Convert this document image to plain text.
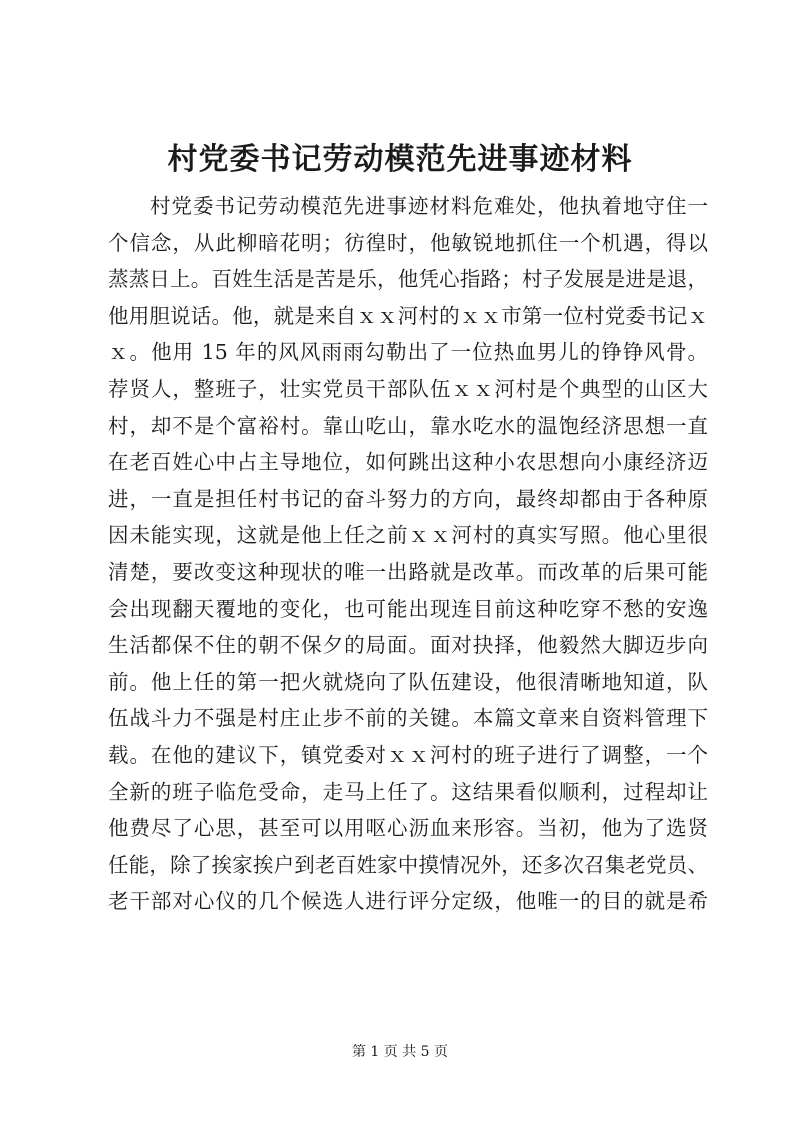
村党委书记劳动模范先进事迹材料
村党委书记劳动模范先进事迹材料危难处，他执着地守住一
个信念，从此柳暗花明；彷徨时，他敏锐地抓住一个机遇，得以
蒸蒸日上。百姓生活是苦是乐，他凭心指路；村子发展是进是退，
他用胆说话。他，就是来自ｘｘ河村的ｘｘ市第一位村党委书记ｘ
ｘ。他用 15 年的风风雨雨勾勒出了一位热血男儿的铮铮风骨。
荐贤人，整班子，壮实党员干部队伍ｘｘ河村是个典型的山区大
村，却不是个富裕村。靠山吃山，靠水吃水的温饱经济思想一直
在老百姓心中占主导地位，如何跳出这种小农思想向小康经济迈
进，一直是担任村书记的奋斗努力的方向，最终却都由于各种原
因未能实现，这就是他上任之前ｘｘ河村的真实写照。他心里很
清楚，要改变这种现状的唯一出路就是改革。而改革的后果可能
会出现翻天覆地的变化，也可能出现连目前这种吃穿不愁的安逸
生活都保不住的朝不保夕的局面。面对抉择，他毅然大脚迈步向
前。他上任的第一把火就烧向了队伍建设，他很清晰地知道，队
伍战斗力不强是村庄止步不前的关键。本篇文章来自资料管理下
载。在他的建议下，镇党委对ｘｘ河村的班子进行了调整，一个
全新的班子临危受命，走马上任了。这结果看似顺利，过程却让
他费尽了心思，甚至可以用呕心沥血来形容。当初，他为了选贤
任能，除了挨家挨户到老百姓家中摸情况外，还多次召集老党员、
老干部对心仪的几个候选人进行评分定级，他唯一的目的就是希
第 1 页 共 5 页
